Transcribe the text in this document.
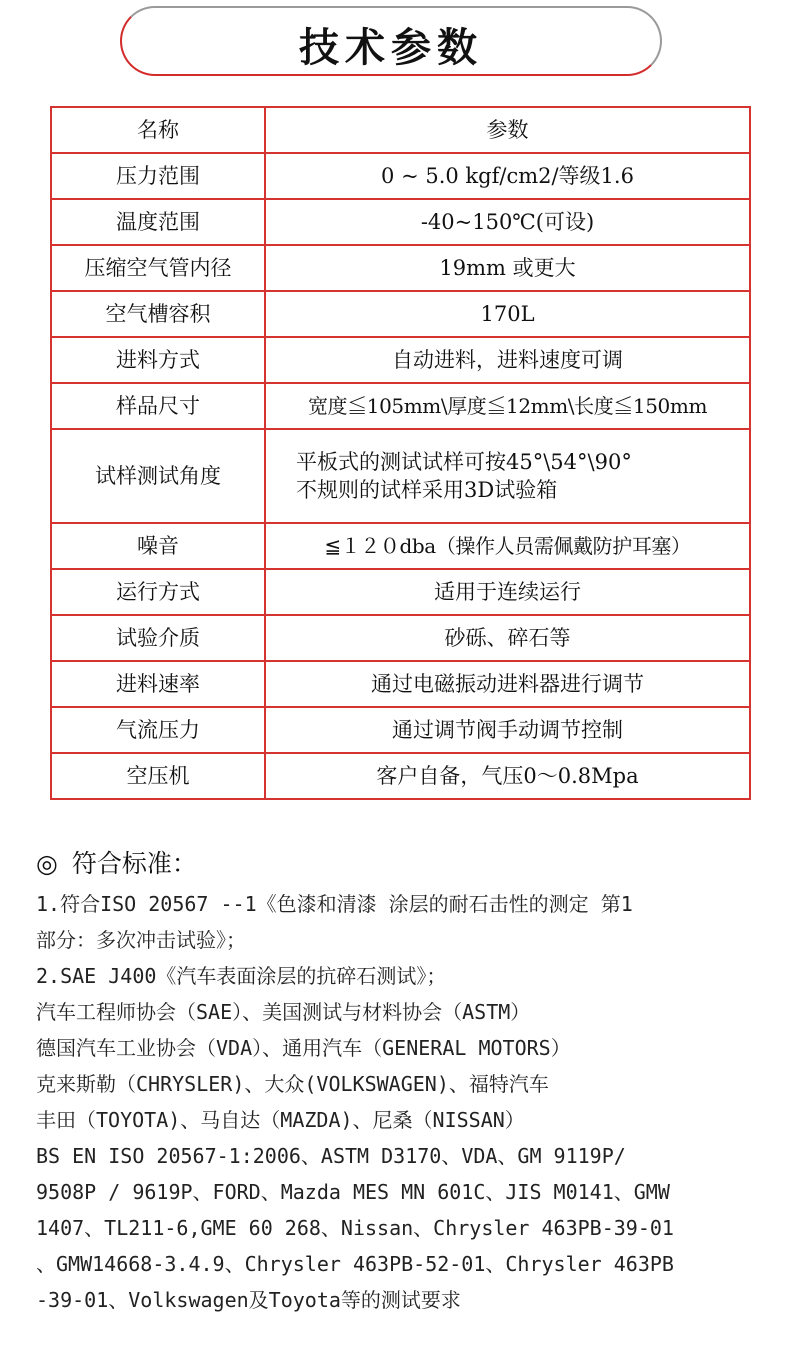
技术参数
名称	参数
压力范围	0 ~ 5.0 kgf/cm2/等级1.6
温度范围	-40~150℃(可设)
压缩空气管内径	19mm 或更大
空气槽容积	170L
进料方式	自动进料，进料速度可调
样品尺寸	宽度≦105mm\厚度≦12mm\长度≦150mm
试样测试角度	平板式的测试试样可按45°\54°\90°
不规则的试样采用3D试验箱

噪音	≦１２０dba（操作人员需佩戴防护耳塞）
运行方式	适用于连续运行
试验介质	砂砾、碎石等
进料速率	通过电磁振动进料器进行调节
气流压力	通过调节阀手动调节控制
空压机	客户自备，气压0～0.8Mpa
◎ 符合标准：
1.符合ISO 20567 --1《色漆和清漆 涂层的耐石击性的测定 第1
部分：多次冲击试验》；
2.SAE J400《汽车表面涂层的抗碎石测试》；
汽车工程师协会（SAE）、美国测试与材料协会（ASTM）
德国汽车工业协会（VDA）、通用汽车（GENERAL MOTORS）
克来斯勒（CHRYSLER)、大众(VOLKSWAGEN)、福特汽车
丰田（TOYOTA)、马自达（MAZDA)、尼桑（NISSAN）
BS EN ISO 20567-1:2006、ASTM D3170、VDA、GM 9119P/
9508P / 9619P、FORD、Mazda MES MN 601C、JIS M0141、GMW
1407、TL211-6,GME 60 268、Nissan、Chrysler 463PB-39-01
、GMW14668-3.4.9、Chrysler 463PB-52-01、Chrysler 463PB
-39-01、Volkswagen及Toyota等的测试要求
